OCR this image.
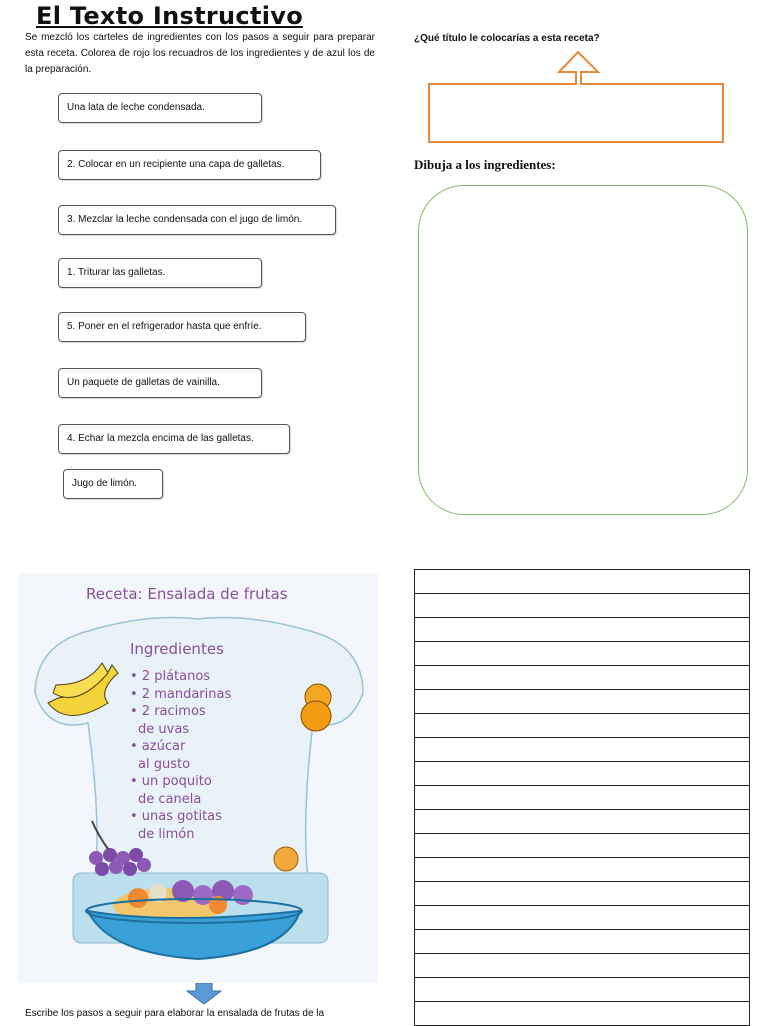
El Texto Instructivo
Se mezcló los carteles de ingredientes con los pasos a seguir para preparar esta receta. Colorea de rojo los recuadros de los ingredientes y de azul los de la preparación.
Una lata de leche condensada.
2. Colocar en un recipiente una capa de galletas.
3. Mezclar la leche condensada con el jugo de limón.
1. Triturar las galletas.
5. Poner en el refrigerador hasta que enfríe.
Un paquete de galletas de vainilla.
4. Echar la mezcla encima de las galletas.
Jugo de limón.
¿Qué título le colocarías a esta receta?
Dibuja a los ingredientes:
Receta: Ensalada de frutas
Ingredientes
• 2 plátanos
• 2 mandarinas
• 2 racimos
de uvas
• azúcar
al gusto
• un poquito
de canela
• unas gotitas
de limón
Escribe los pasos a seguir para elaborar la ensalada de frutas de la
